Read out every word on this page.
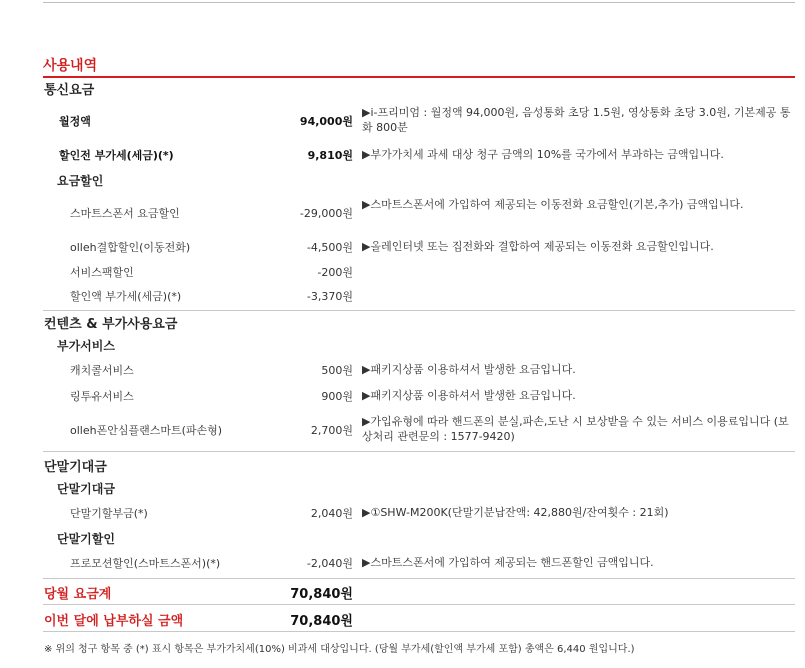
사용내역
통신요금
월정액	94,000원
▶i-프리미엄 : 월정액 94,000원, 음성통화 초당 1.5원, 영상통화 초당 3.0원, 기본제공 통화 800분
할인전 부가세(세금)(*)	9,810원 ▶부가가치세 과세 대상 청구 금액의 10%를 국가에서 부과하는 금액입니다.
요금할인
스마트스폰서 요금할인	-29,000원
▶스마트스폰서에 가입하여 제공되는 이동전화 요금할인(기본,추가) 금액입니다.
olleh결합할인(이동전화)	-4,500원 ▶올레인터넷 또는 집전화와 결합하여 제공되는 이동전화 요금할인입니다.
서비스팩할인	-200원
할인액 부가세(세금)(*)	-3,370원
컨텐츠 & 부가사용요금
부가서비스
캐치콜서비스	500원 ▶패키지상품 이용하셔서 발생한 요금입니다.
링투유서비스	900원 ▶패키지상품 이용하셔서 발생한 요금입니다.
olleh폰안심플랜스마트(파손형)	2,700원
▶가입유형에 따라 핸드폰의 분실,파손,도난 시 보상받을 수 있는 서비스 이용료입니다 (보상처리 관련문의 : 1577-9420)
단말기대금
단말기대금
단말기할부금(*)	2,040원 ▶①SHW-M200K(단말기분납잔액: 42,880원/잔여횟수 : 21회)
단말기할인
프로모션할인(스마트스폰서)(*)	-2,040원 ▶스마트스폰서에 가입하여 제공되는 핸드폰할인 금액입니다.
당월 요금계	70,840원
이번 달에 납부하실 금액	70,840원
※ 위의 청구 항목 중 (*) 표시 항목은 부가가치세(10%) 비과세 대상입니다. (당월 부가세(할인액 부가세 포함) 총액은 6,440 원입니다.)
